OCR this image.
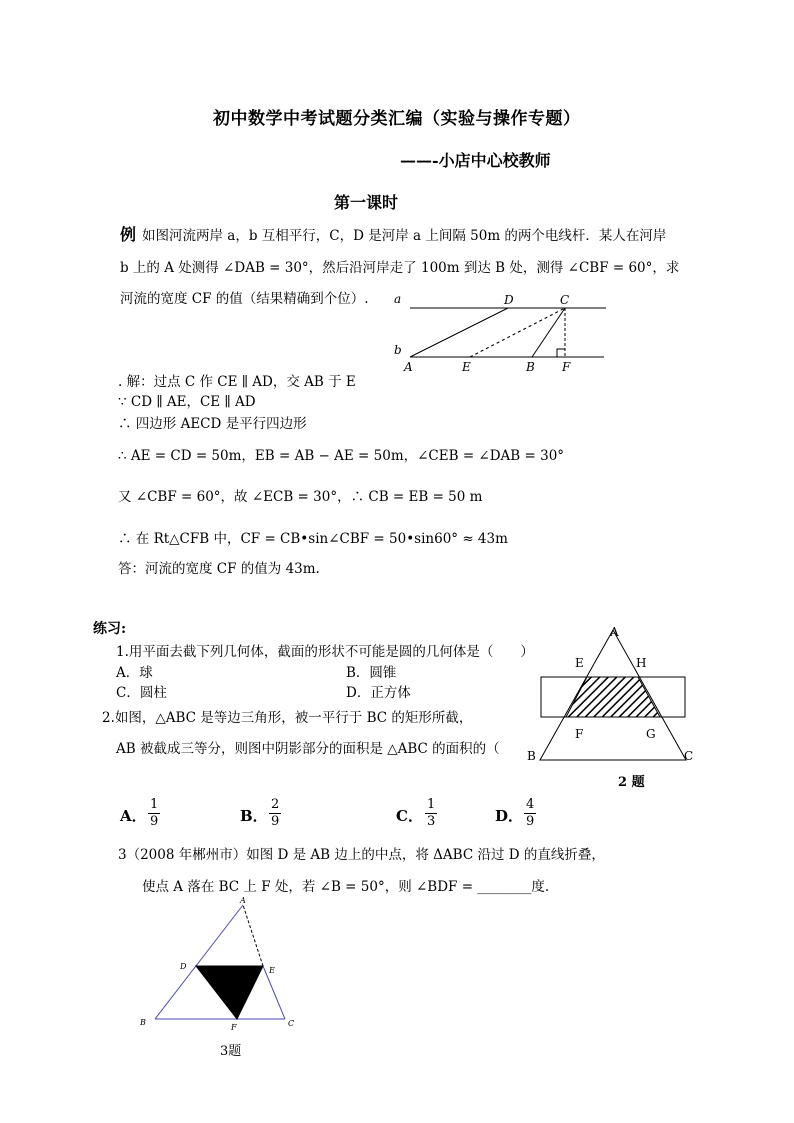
初中数学中考试题分类汇编（实验与操作专题）
——-小店中心校教师
第一课时
例 如图河流两岸 a，b 互相平行，C，D 是河岸 a 上间隔 50m 的两个电线杆．某人在河岸
b 上的 A 处测得 ∠DAB = 30°，然后沿河岸走了 100m 到达 B 处，测得 ∠CBF = 60°，求
河流的宽度 CF 的值（结果精确到个位）. a
b
D	C
A	E	B F
. 解：过点 C 作 CE ∥ AD，交 AB 于 E
∵ CD ∥ AE，CE ∥ AD
∴ 四边形 AECD 是平行四边形
∴ AE = CD = 50m，EB = AB − AE = 50m，∠CEB = ∠DAB = 30°
又 ∠CBF = 60°，故 ∠ECB = 30°，∴ CB = EB = 50 m
∴ 在 Rt△CFB 中，CF = CB•sin∠CBF = 50•sin60° ≈ 43m
答：河流的宽度 CF 的值为 43m.
练习:
1.用平面去截下列几何体，截面的形状不可能是圆的几何体是（　　）
A．球	B．圆锥
C．圆柱	D．正方体
2.如图，△ABC 是等边三角形，被一平行于 BC 的矩形所截，
AB 被截成三等分，则图中阴影部分的面积是 △ABC 的面积的（
A
E	H
F	G
B	C
2 题
A． $\frac{1}{9}$	B． $\frac{2}{9}$	C． $\frac{1}{3}$	D． $\frac{4}{9}$
3（2008 年郴州市）如图 D 是 AB 边上的中点，将 ΔABC 沿过 D 的直线折叠，
使点 A 落在 BC 上 F 处，若 ∠B = 50°，则 ∠BDF = ________度.
A
D	E
B
F	C
3题
